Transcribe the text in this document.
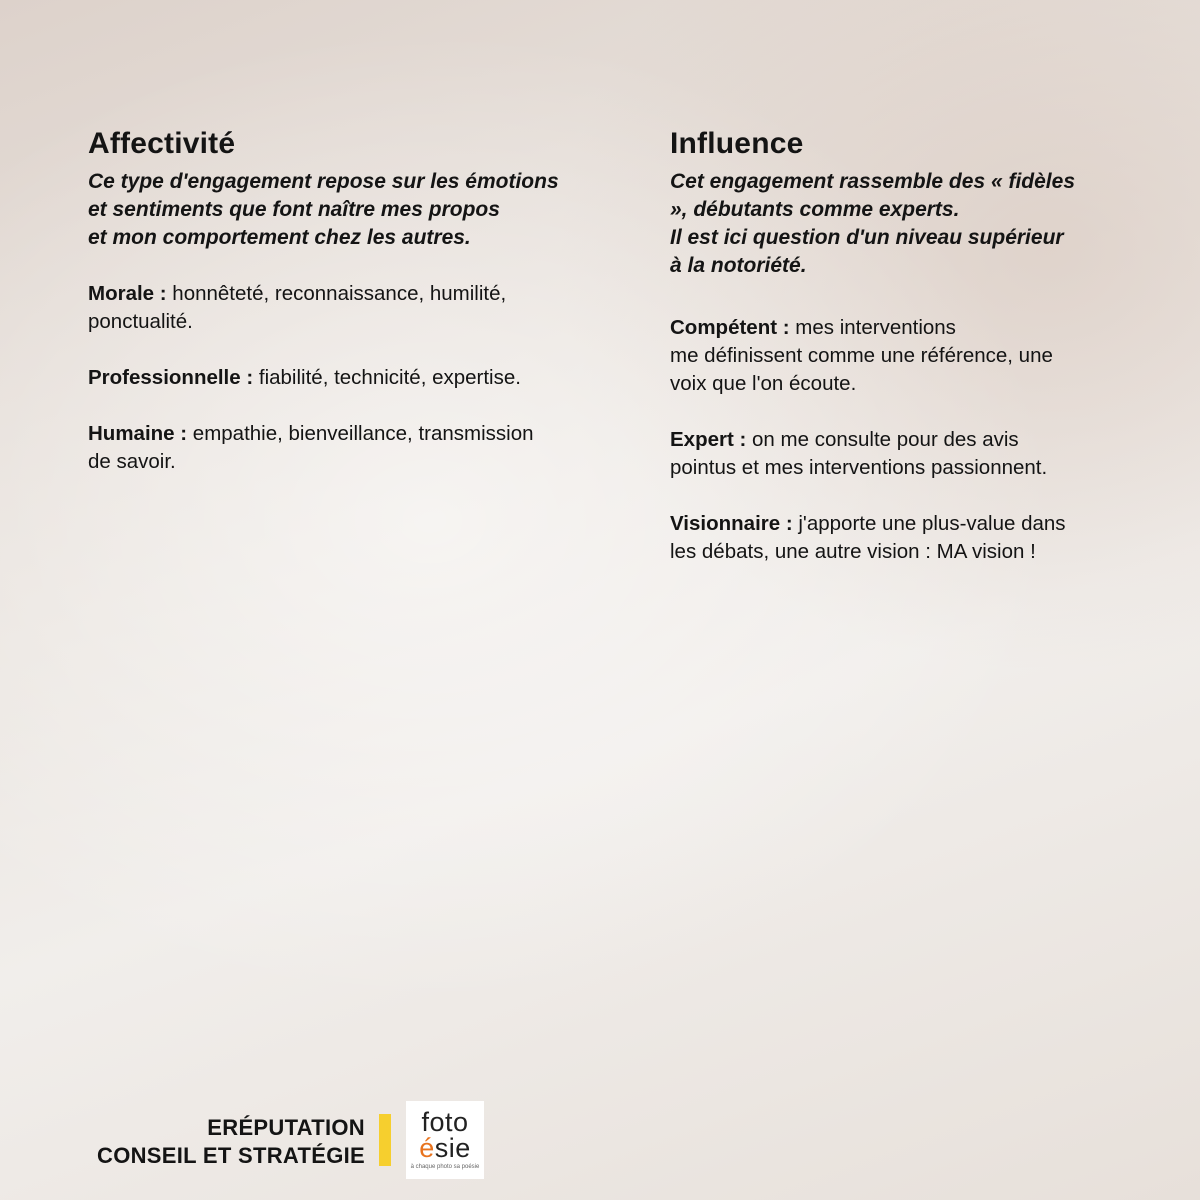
Affectivité

Ce type d'engagement repose sur les émotions
et sentiments que font naître mes propos
et mon comportement chez les autres.

Morale : honnêteté, reconnaissance, humilité,
ponctualité.

Professionnelle : fiabilité, technicité, expertise.

Humaine : empathie, bienveillance, transmission
de savoir.

Influence

Cet engagement rassemble des « fidèles
», débutants comme experts.
Il est ici question d'un niveau supérieur
à la notoriété.

Compétent : mes interventions
me définissent comme une référence, une
voix que l'on écoute.

Expert : on me consulte pour des avis
pointus et mes interventions passionnent.

Visionnaire : j'apporte une plus-value dans
les débats, une autre vision : MA vision !

ERÉPUTATION
CONSEIL ET STRATÉGIE
foto
ésie
à chaque photo sa poésie
